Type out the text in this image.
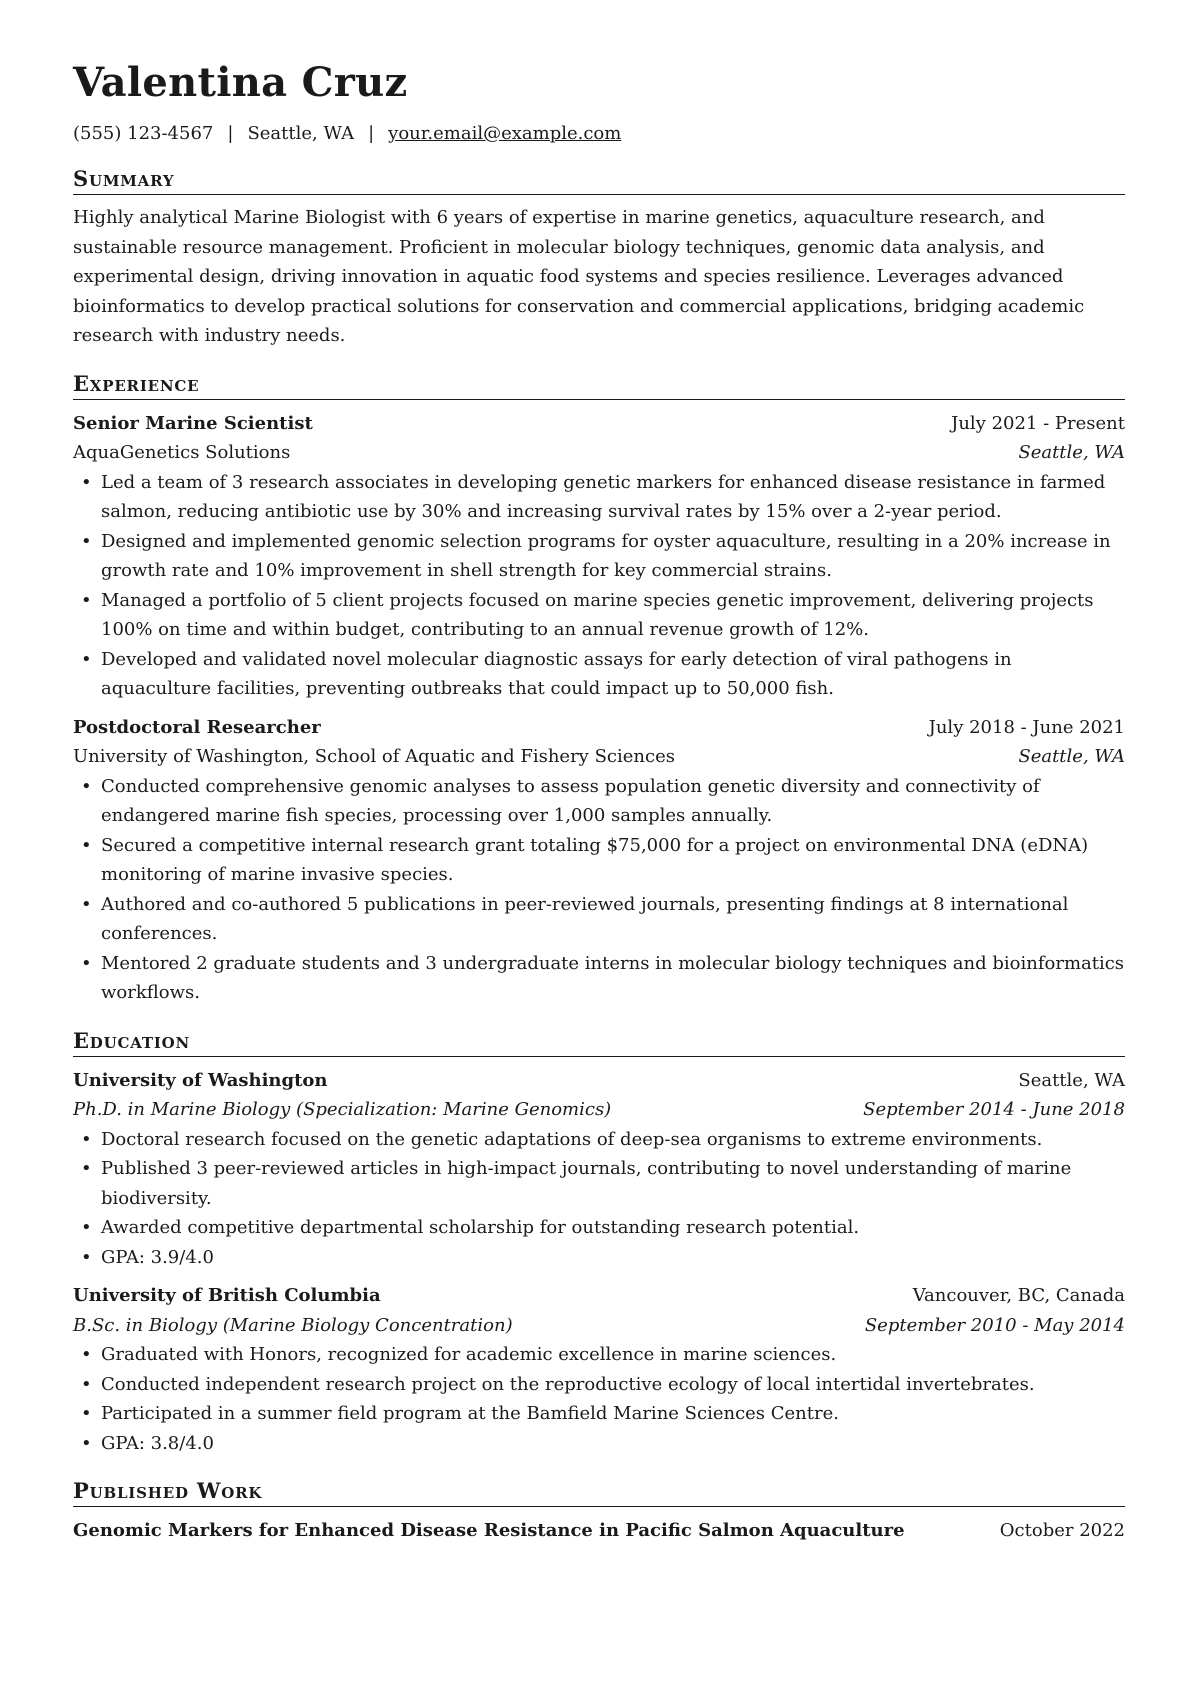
Valentina Cruz
(555) 123-4567 | Seattle, WA | your.email@example.com
Summary
Highly analytical Marine Biologist with 6 years of expertise in marine genetics, aquaculture research, and sustainable resource management. Proficient in molecular biology techniques, genomic data analysis, and experimental design, driving innovation in aquatic food systems and species resilience. Leverages advanced bioinformatics to develop practical solutions for conservation and commercial applications, bridging academic research with industry needs.
Experience
Senior Marine Scientist	July 2021 - Present
AquaGenetics Solutions	Seattle, WA
• Led a team of 3 research associates in developing genetic markers for enhanced disease resistance in farmed salmon, reducing antibiotic use by 30% and increasing survival rates by 15% over a 2-year period.
• Designed and implemented genomic selection programs for oyster aquaculture, resulting in a 20% increase in growth rate and 10% improvement in shell strength for key commercial strains.
• Managed a portfolio of 5 client projects focused on marine species genetic improvement, delivering projects 100% on time and within budget, contributing to an annual revenue growth of 12%.
• Developed and validated novel molecular diagnostic assays for early detection of viral pathogens in aquaculture facilities, preventing outbreaks that could impact up to 50,000 fish.
Postdoctoral Researcher	July 2018 - June 2021
University of Washington, School of Aquatic and Fishery Sciences	Seattle, WA
• Conducted comprehensive genomic analyses to assess population genetic diversity and connectivity of endangered marine fish species, processing over 1,000 samples annually.
• Secured a competitive internal research grant totaling $75,000 for a project on environmental DNA (eDNA) monitoring of marine invasive species.
• Authored and co-authored 5 publications in peer-reviewed journals, presenting findings at 8 international conferences.
• Mentored 2 graduate students and 3 undergraduate interns in molecular biology techniques and bioinformatics workflows.
Education
University of Washington	Seattle, WA
Ph.D. in Marine Biology (Specialization: Marine Genomics)	September 2014 - June 2018
• Doctoral research focused on the genetic adaptations of deep-sea organisms to extreme environments.
• Published 3 peer-reviewed articles in high-impact journals, contributing to novel understanding of marine biodiversity.
• Awarded competitive departmental scholarship for outstanding research potential.
• GPA: 3.9/4.0
University of British Columbia	Vancouver, BC, Canada
B.Sc. in Biology (Marine Biology Concentration)	September 2010 - May 2014
• Graduated with Honors, recognized for academic excellence in marine sciences.
• Conducted independent research project on the reproductive ecology of local intertidal invertebrates.
• Participated in a summer field program at the Bamfield Marine Sciences Centre.
• GPA: 3.8/4.0
Published Work
Genomic Markers for Enhanced Disease Resistance in Pacific Salmon Aquaculture	October 2022
